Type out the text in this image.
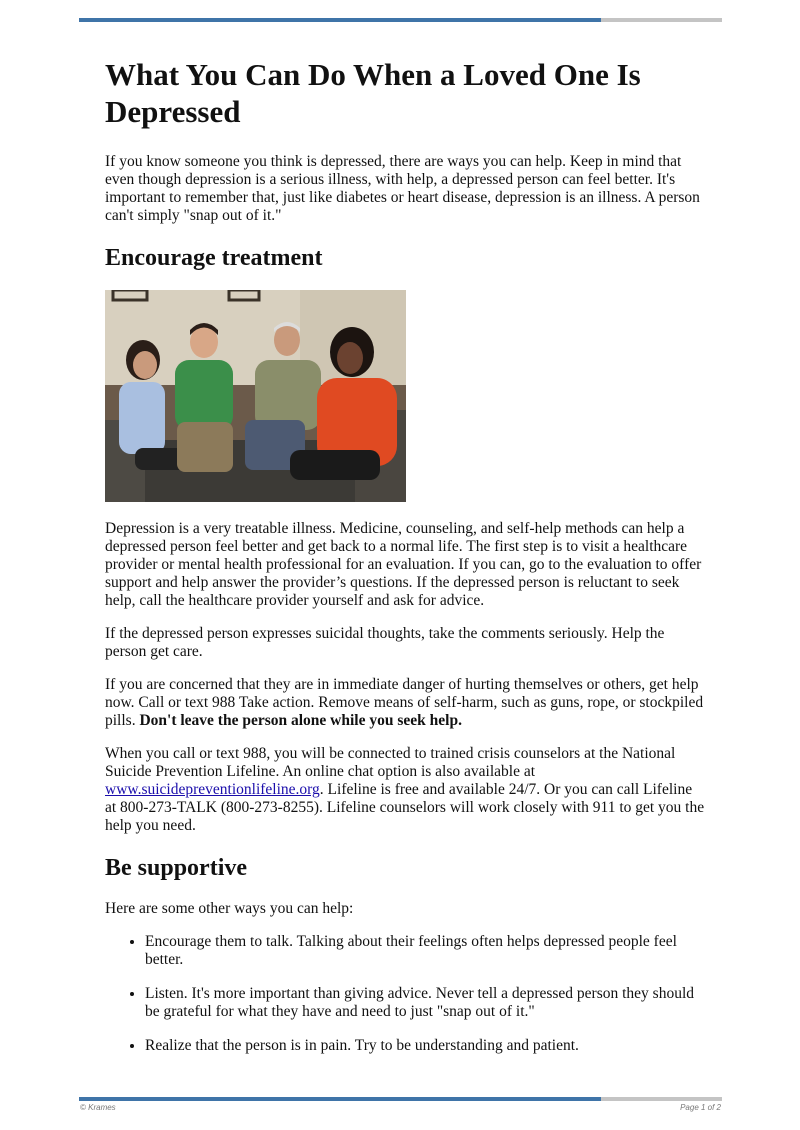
What You Can Do When a Loved One Is Depressed

If you know someone you think is depressed, there are ways you can help. Keep in mind that even though depression is a serious illness, with help, a depressed person can feel better. It's important to remember that, just like diabetes or heart disease, depression is an illness. A person can't simply "snap out of it."

Encourage treatment

Depression is a very treatable illness. Medicine, counseling, and self-help methods can help a depressed person feel better and get back to a normal life. The first step is to visit a healthcare provider or mental health professional for an evaluation. If you can, go to the evaluation to offer support and help answer the provider’s questions. If the depressed person is reluctant to seek help, call the healthcare provider yourself and ask for advice.

If the depressed person expresses suicidal thoughts, take the comments seriously. Help the person get care.

If you are concerned that they are in immediate danger of hurting themselves or others, get help now. Call or text 988 Take action. Remove means of self-harm, such as guns, rope, or stockpiled pills. Don't leave the person alone while you seek help.

When you call or text 988, you will be connected to trained crisis counselors at the National Suicide Prevention Lifeline. An online chat option is also available at www.suicidepreventionlifeline.org. Lifeline is free and available 24/7. Or you can call Lifeline at 800-273-TALK (800-273-8255). Lifeline counselors will work closely with 911 to get you the help you need.

Be supportive

Here are some other ways you can help:

• Encourage them to talk. Talking about their feelings often helps depressed people feel better.
• Listen. It's more important than giving advice. Never tell a depressed person they should be grateful for what they have and need to just "snap out of it."
• Realize that the person is in pain. Try to be understanding and patient.
© Krames	Page 1 of 2
